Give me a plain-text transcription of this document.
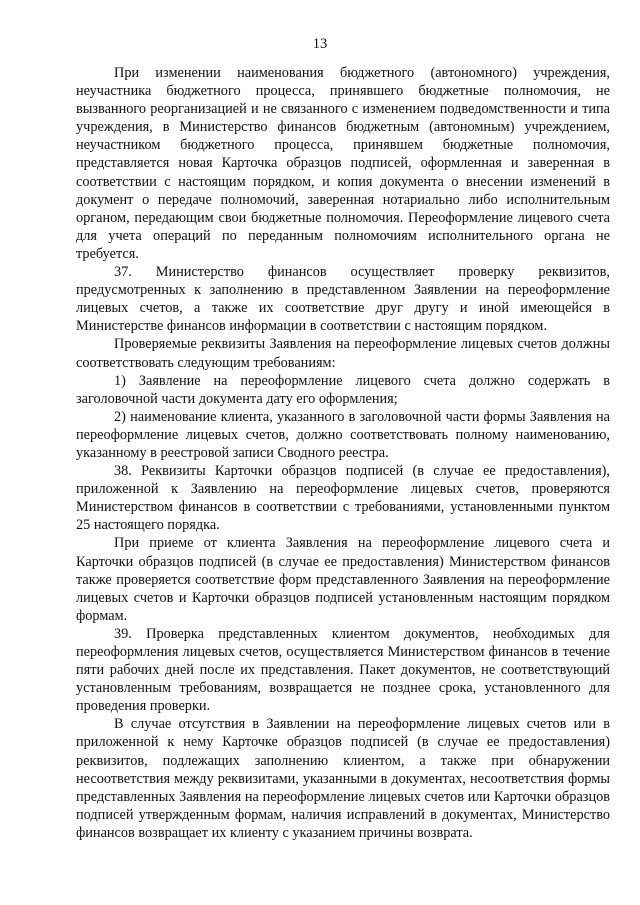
13

При изменении наименования бюджетного (автономного) учреждения, неучастника бюджетного процесса, принявшего бюджетные полномочия, не вызванного реорганизацией и не связанного с изменением подведомственности и типа учреждения, в Министерство финансов бюджетным (автономным) учреждением, неучастником бюджетного процесса, принявшем бюджетные полномочия, представляется новая Карточка образцов подписей, оформленная и заверенная в соответствии с настоящим порядком, и копия документа о внесении изменений в документ о передаче полномочий, заверенная нотариально либо исполнительным органом, передающим свои бюджетные полномочия. Переоформление лицевого счета для учета операций по переданным полномочиям исполнительного органа не требуется.

37. Министерство финансов осуществляет проверку реквизитов, предусмотренных к заполнению в представленном Заявлении на переоформление лицевых счетов, а также их соответствие друг другу и иной имеющейся в Министерстве финансов информации в соответствии с настоящим порядком.

Проверяемые реквизиты Заявления на переоформление лицевых счетов должны соответствовать следующим требованиям:

1) Заявление на переоформление лицевого счета должно содержать в заголовочной части документа дату его оформления;

2) наименование клиента, указанного в заголовочной части формы Заявления на переоформление лицевых счетов, должно соответствовать полному наименованию, указанному в реестровой записи Сводного реестра.

38. Реквизиты Карточки образцов подписей (в случае ее предоставления), приложенной к Заявлению на переоформление лицевых счетов, проверяются Министерством финансов в соответствии с требованиями, установленными пунктом 25 настоящего порядка.

При приеме от клиента Заявления на переоформление лицевого счета и Карточки образцов подписей (в случае ее предоставления) Министерством финансов также проверяется соответствие форм представленного Заявления на переоформление лицевых счетов и Карточки образцов подписей установленным настоящим порядком формам.

39. Проверка представленных клиентом документов, необходимых для переоформления лицевых счетов, осуществляется Министерством финансов в течение пяти рабочих дней после их представления. Пакет документов, не соответствующий установленным требованиям, возвращается не позднее срока, установленного для проведения проверки.

В случае отсутствия в Заявлении на переоформление лицевых счетов или в приложенной к нему Карточке образцов подписей (в случае ее предоставления) реквизитов, подлежащих заполнению клиентом, а также при обнаружении несоответствия между реквизитами, указанными в документах, несоответствия формы представленных Заявления на переоформление лицевых счетов или Карточки образцов подписей утвержденным формам, наличия исправлений в документах, Министерство финансов возвращает их клиенту с указанием причины возврата.
